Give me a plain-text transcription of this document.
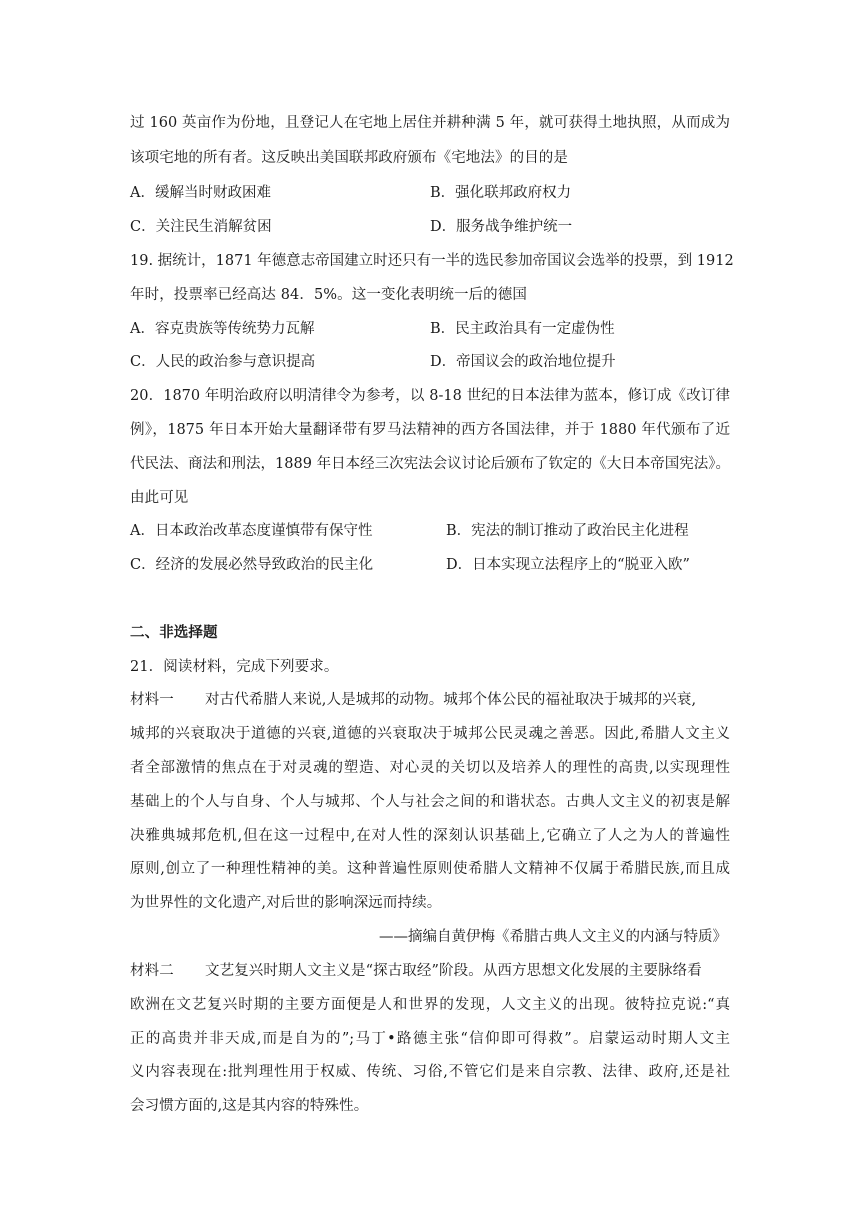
过 160 英亩作为份地，且登记人在宅地上居住并耕种满 5 年，就可获得土地执照，从而成为
该项宅地的所有者。这反映出美国联邦政府颁布《宅地法》的目的是
A．缓解当时财政困难	B．强化联邦政府权力
C．关注民生消解贫困	D．服务战争维护统一
19. 据统计，1871 年德意志帝国建立时还只有一半的选民参加帝国议会选举的投票，到 1912
年时，投票率已经高达 84．5%。这一变化表明统一后的德国
A．容克贵族等传统势力瓦解	B．民主政治具有一定虚伪性
C．人民的政治参与意识提高	D．帝国议会的政治地位提升
20．1870 年明治政府以明清律令为参考，以 8-18 世纪的日本法律为蓝本，修订成《改订律
例》，1875 年日本开始大量翻译带有罗马法精神的西方各国法律，并于 1880 年代颁布了近
代民法、商法和刑法，1889 年日本经三次宪法会议讨论后颁布了钦定的《大日本帝国宪法》。
由此可见
A．日本政治改革态度谨慎带有保守性	B．宪法的制订推动了政治民主化进程
C．经济的发展必然导致政治的民主化	D．日本实现立法程序上的“脱亚入欧”
二、非选择题
21．阅读材料，完成下列要求。
材料一 对古代希腊人来说,人是城邦的动物。城邦个体公民的福祉取决于城邦的兴衰,
城邦的兴衰取决于道德的兴衰,道德的兴衰取决于城邦公民灵魂之善恶。因此,希腊人文主义
者全部激情的焦点在于对灵魂的塑造、对心灵的关切以及培养人的理性的高贵,以实现理性
基础上的个人与自身、个人与城邦、个人与社会之间的和谐状态。古典人文主义的初衷是解
决雅典城邦危机,但在这一过程中,在对人性的深刻认识基础上,它确立了人之为人的普遍性
原则,创立了一种理性精神的美。这种普遍性原则使希腊人文精神不仅属于希腊民族,而且成
为世界性的文化遗产,对后世的影响深远而持续。
——摘编自黄伊梅《希腊古典人文主义的内涵与特质》
材料二 文艺复兴时期人文主义是“探古取经”阶段。从西方思想文化发展的主要脉络看
欧洲在文艺复兴时期的主要方面便是人和世界的发现，人文主义的出现。彼特拉克说:“真
正的高贵并非天成,而是自为的”;马丁•路德主张“信仰即可得救”。启蒙运动时期人文主
义内容表现在:批判理性用于权威、传统、习俗,不管它们是来自宗教、法律、政府,还是社
会习惯方面的,这是其内容的特殊性。
